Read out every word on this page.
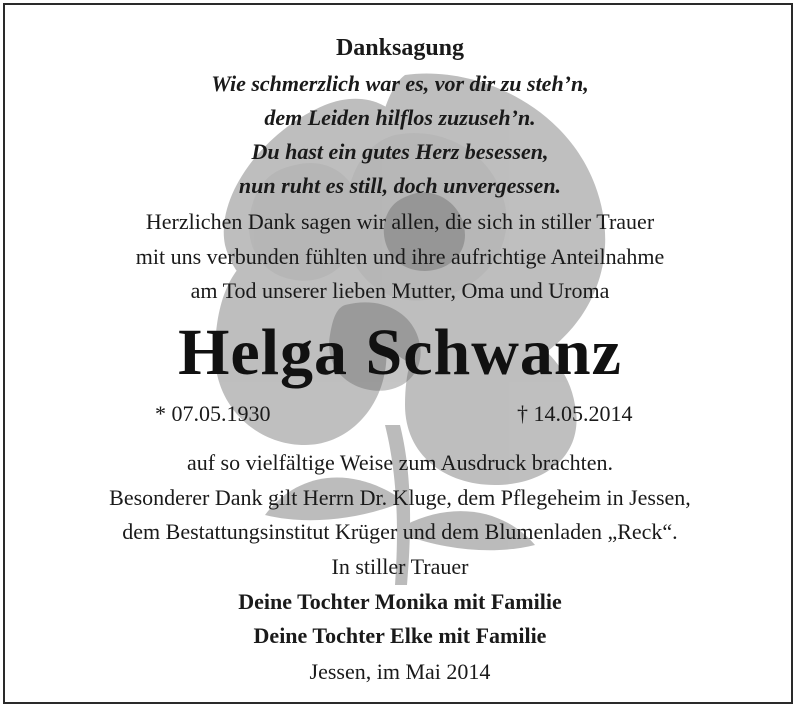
Danksagung
Wie schmerzlich war es, vor dir zu steh’n,
dem Leiden hilflos zuzuseh’n.
Du hast ein gutes Herz besessen,
nun ruht es still, doch unvergessen.
Herzlichen Dank sagen wir allen, die sich in stiller Trauer
mit uns verbunden fühlten und ihre aufrichtige Anteilnahme
am Tod unserer lieben Mutter, Oma und Uroma
Helga Schwanz
* 07.05.1930	† 14.05.2014
auf so vielfältige Weise zum Ausdruck brachten.
Besonderer Dank gilt Herrn Dr. Kluge, dem Pflegeheim in Jessen,
dem Bestattungsinstitut Krüger und dem Blumenladen „Reck“.
In stiller Trauer
Deine Tochter Monika mit Familie
Deine Tochter Elke mit Familie
Jessen, im Mai 2014
